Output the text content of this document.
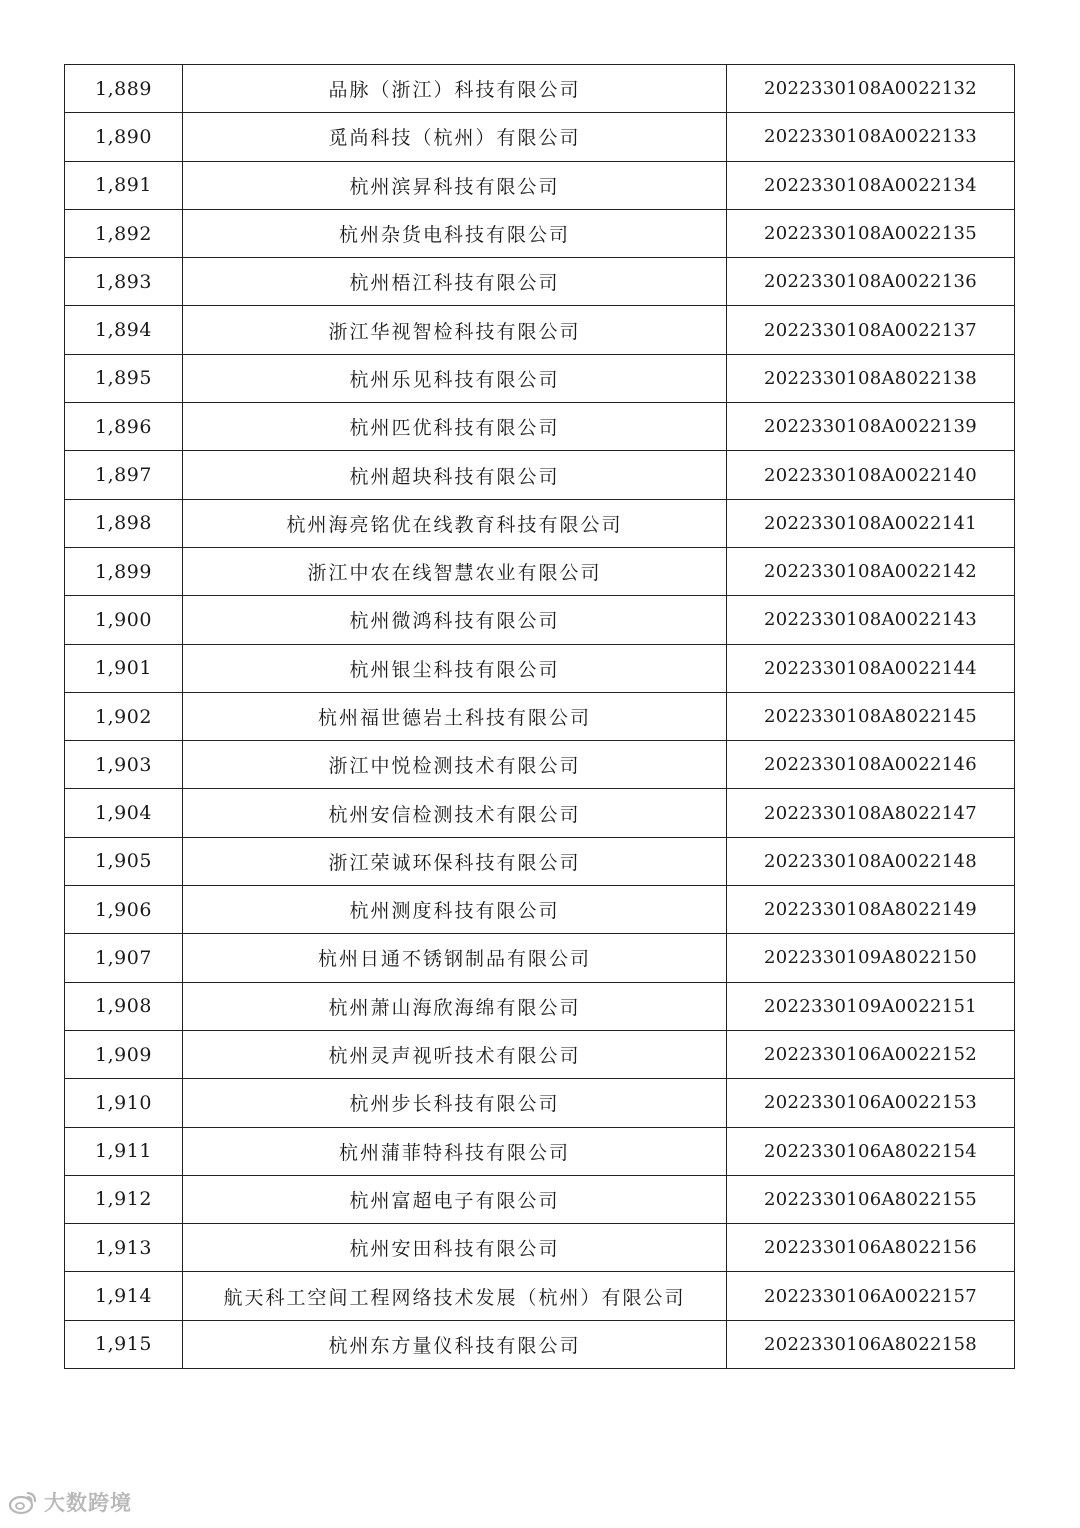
1,889	品脉（浙江）科技有限公司	2022330108A0022132
1,890	觅尚科技（杭州）有限公司	2022330108A0022133
1,891	杭州滨昇科技有限公司	2022330108A0022134
1,892	杭州杂货电科技有限公司	2022330108A0022135
1,893	杭州梧江科技有限公司	2022330108A0022136
1,894	浙江华视智检科技有限公司	2022330108A0022137
1,895	杭州乐见科技有限公司	2022330108A8022138
1,896	杭州匹优科技有限公司	2022330108A0022139
1,897	杭州超块科技有限公司	2022330108A0022140
1,898	杭州海亮铭优在线教育科技有限公司	2022330108A0022141
1,899	浙江中农在线智慧农业有限公司	2022330108A0022142
1,900	杭州微鸿科技有限公司	2022330108A0022143
1,901	杭州银尘科技有限公司	2022330108A0022144
1,902	杭州福世德岩土科技有限公司	2022330108A8022145
1,903	浙江中悦检测技术有限公司	2022330108A0022146
1,904	杭州安信检测技术有限公司	2022330108A8022147
1,905	浙江荣诚环保科技有限公司	2022330108A0022148
1,906	杭州测度科技有限公司	2022330108A8022149
1,907	杭州日通不锈钢制品有限公司	2022330109A8022150
1,908	杭州萧山海欣海绵有限公司	2022330109A0022151
1,909	杭州灵声视听技术有限公司	2022330106A0022152
1,910	杭州步长科技有限公司	2022330106A0022153
1,911	杭州蒲菲特科技有限公司	2022330106A8022154
1,912	杭州富超电子有限公司	2022330106A8022155
1,913	杭州安田科技有限公司	2022330106A8022156
1,914	航天科工空间工程网络技术发展（杭州）有限公司	2022330106A0022157
1,915	杭州东方量仪科技有限公司	2022330106A8022158
大数跨境
